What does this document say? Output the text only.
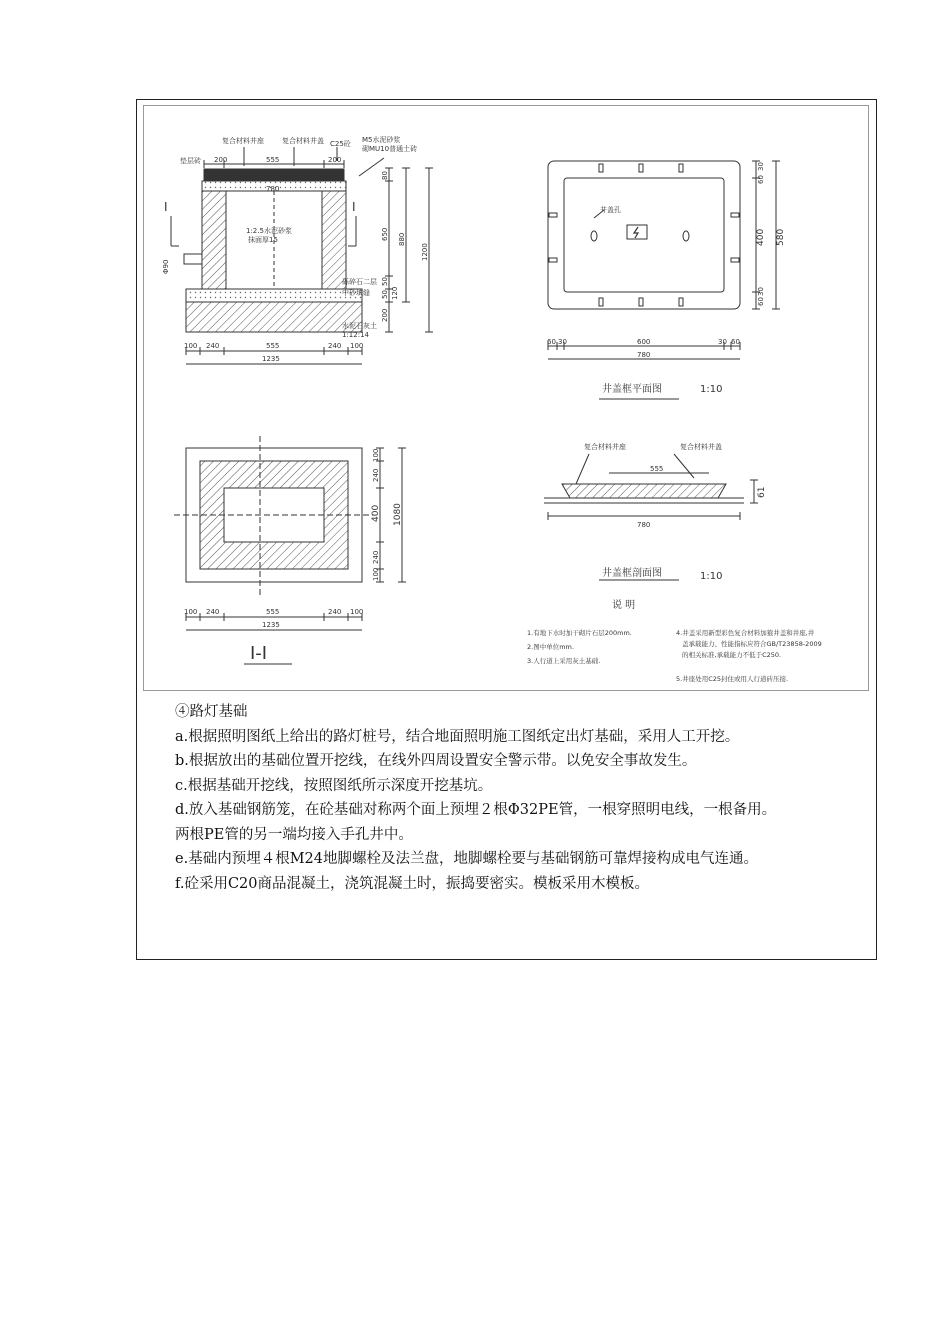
复合材料井座	复合材料井盖 C25砼 M5水泥砂浆
砌MU10普通土砖
垫层砖 200	555	200
780
1:2.5水泥砂浆
抹面厚15
Φ90
I	I
砾碎石二层
中砂填缝
水泥石灰土
1:12:14
80
650
50
50
200
120
880
1200
100 240	555	240 100
1235
井盖孔
60
30
400 580
60
30
60 30	600	30 60
780
井盖框平面图	1:10
100
240
400
240
100
1080
100 240	555	240 100
1235
I-I
复合材料井座	复合材料井盖
555
780
61
井盖框剖面图	1:10
说 明
1.有地下水时加干砌片石层200mm.
2.图中单位mm.
3.人行道上采用灰土基础.
4.井盖采用新型彩色复合材料加箍井盖和井座,井
盖承载能力、性能指标应符合GB/T23858-2009
的相关标准,承载能力不低于C250.
5.井座处用C25封住或用人行道砖压接.

④路灯基础

a.根据照明图纸上给出的路灯桩号，结合地面照明施工图纸定出灯基础，采用人工开挖。

b.根据放出的基础位置开挖线，在线外四周设置安全警示带。以免安全事故发生。

c.根据基础开挖线，按照图纸所示深度开挖基坑。

d.放入基础钢筋笼，在砼基础对称两个面上预埋２根Φ32PE管，一根穿照明电线，一根备用。

两根PE管的另一端均接入手孔井中。

e.基础内预埋４根M24地脚螺栓及法兰盘，地脚螺栓要与基础钢筋可靠焊接构成电气连通。

f.砼采用C20商品混凝土，浇筑混凝土时，振捣要密实。模板采用木模板。
